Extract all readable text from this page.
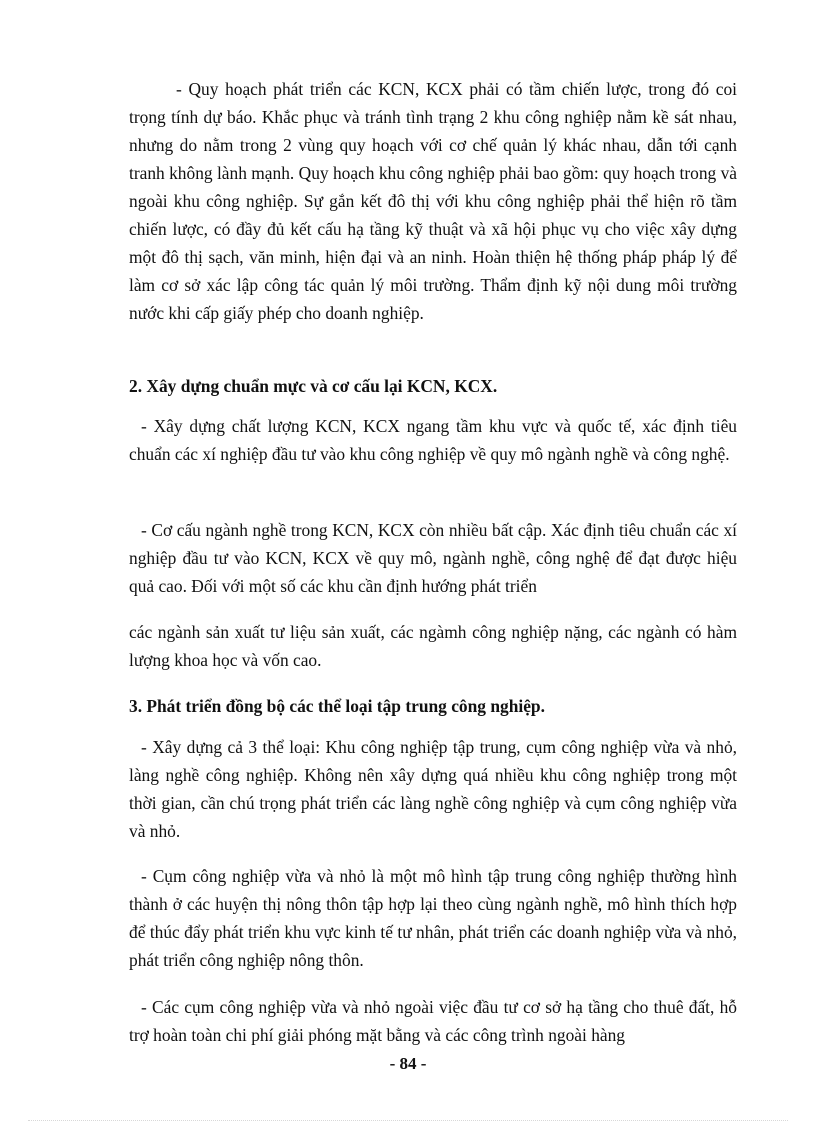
- Quy hoạch phát triển các KCN, KCX phải có tầm chiến lược, trong đó coi trọng tính dự báo. Khắc phục và tránh tình trạng 2 khu công nghiệp nằm kề sát nhau, nhưng do nằm trong 2 vùng quy hoạch với cơ chế quản lý khác nhau, dẫn tới cạnh tranh không lành mạnh. Quy hoạch khu công nghiệp phải bao gồm: quy hoạch trong và ngoài khu công nghiệp. Sự gắn kết đô thị với khu công nghiệp phải thể hiện rõ tầm chiến lược, có đầy đủ kết cấu hạ tầng kỹ thuật và xã hội phục vụ cho việc xây dựng một đô thị sạch, văn minh, hiện đại và an ninh. Hoàn thiện hệ thống pháp pháp lý để làm cơ sở xác lập công tác quản lý môi trường. Thẩm định kỹ nội dung môi trường nước khi cấp giấy phép cho doanh nghiệp.

2. Xây dựng chuẩn mực và cơ cấu lại KCN, KCX.

- Xây dựng chất lượng KCN, KCX ngang tầm khu vực và quốc tế, xác định tiêu chuẩn các xí nghiệp đầu tư vào khu công nghiệp về quy mô ngành nghề và công nghệ.

- Cơ cấu ngành nghề trong KCN, KCX còn nhiều bất cập. Xác định tiêu chuẩn các xí nghiệp đầu tư vào KCN, KCX về quy mô, ngành nghề, công nghệ để đạt được hiệu quả cao. Đối với một số các khu cần định hướng phát triển

các ngành sản xuất tư liệu sản xuất, các ngàmh công nghiệp nặng, các ngành có hàm lượng khoa học và vốn cao.

3. Phát triển đồng bộ các thể loại tập trung công nghiệp.

- Xây dựng cả 3 thể loại: Khu công nghiệp tập trung, cụm công nghiệp vừa và nhỏ, làng nghề công nghiệp. Không nên xây dựng quá nhiều khu công nghiệp trong một thời gian, cần chú trọng phát triển các làng nghề công nghiệp và cụm công nghiệp vừa và nhỏ.

- Cụm công nghiệp vừa và nhỏ là một mô hình tập trung công nghiệp thường hình thành ở các huyện thị nông thôn tập hợp lại theo cùng ngành nghề, mô hình thích hợp để thúc đẩy phát triển khu vực kinh tế tư nhân, phát triển các doanh nghiệp vừa và nhỏ, phát triển công nghiệp nông thôn.

- Các cụm công nghiệp vừa và nhỏ ngoài việc đầu tư cơ sở hạ tầng cho thuê đất, hỗ trợ hoàn toàn chi phí giải phóng mặt bằng và các công trình ngoài hàng

- 84 -
